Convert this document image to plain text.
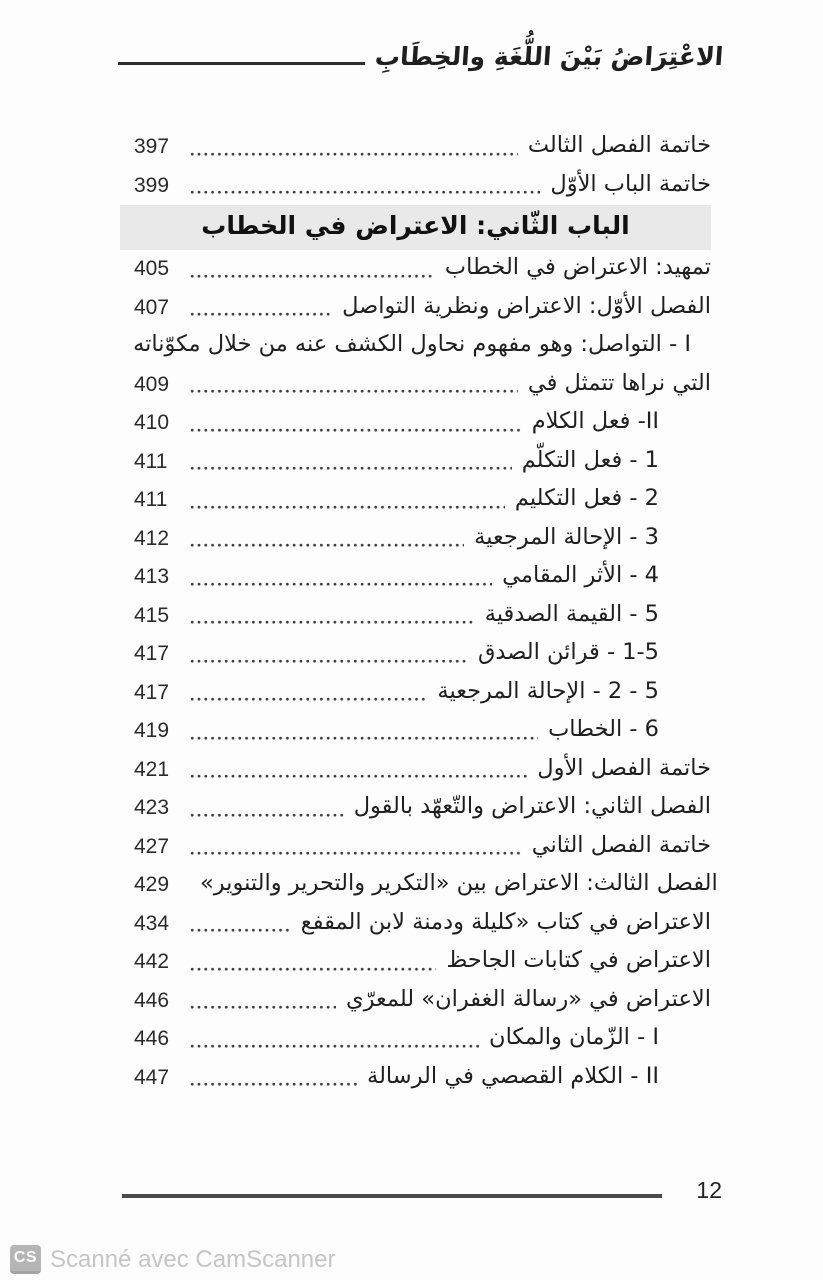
الاعْتِرَاضُ بَيْنَ اللُّغَةِ والخِطَابِ
397	خاتمة الفصل الثالث
399	خاتمة الباب الأوّل
الباب الثّاني: الاعتراض في الخطاب
405	تمهيد: الاعتراض في الخطاب
407	الفصل الأوّل: الاعتراض ونظرية التواصل
I - التواصل: وهو مفهوم نحاول الكشف عنه من خلال مكوّناته
409	التي نراها تتمثل في
410	II- فعل الكلام
411	1 - فعل التكلّم
411	2 - فعل التكليم
412	3 - الإحالة المرجعية
413	4 - الأثر المقامي
415	5 - القيمة الصدقية
417	5‏-‏1 - قرائن الصدق
417	5 - 2 - الإحالة المرجعية
419	6 - الخطاب
421	خاتمة الفصل الأول
423	الفصل الثاني: الاعتراض والتّعهّد بالقول
427	خاتمة الفصل الثاني
429	الفصل الثالث: الاعتراض بين «التكرير والتحرير والتنوير»
434	الاعتراض في كتاب «كليلة ودمنة لابن المقفع
442	الاعتراض في كتابات الجاحظ
446	الاعتراض في «رسالة الغفران» للمعرّي
446	I - الزّمان والمكان
447	II - الكلام القصصي في الرسالة
12
CS Scanné avec CamScanner
